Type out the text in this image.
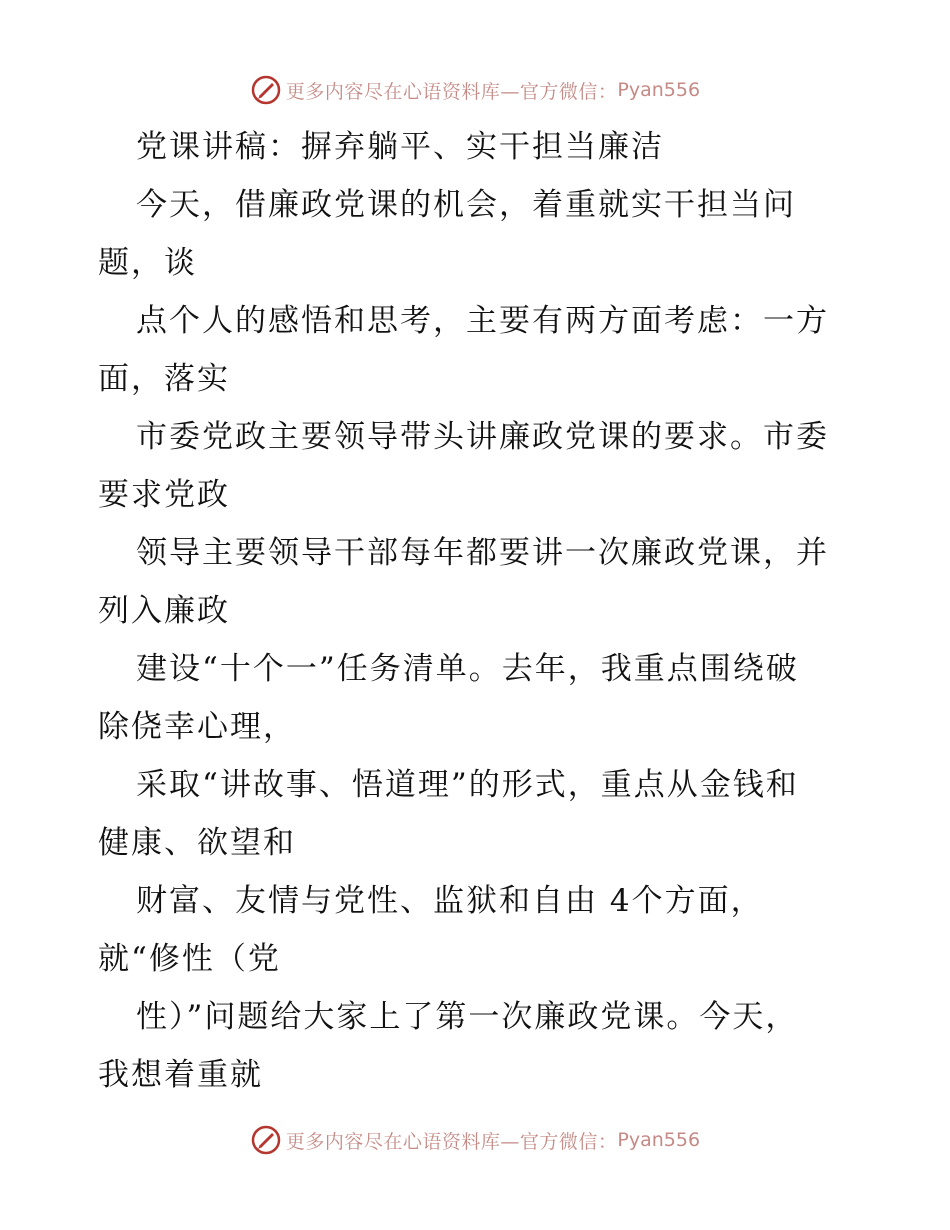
更多内容尽在心语资料库—官方微信： Pyan556
党课讲稿：摒弃躺平、实干担当廉洁
今天，借廉政党课的机会，着重就实干担当问
题，谈
点个人的感悟和思考，主要有两方面考虑：一方
面，落实
市委党政主要领导带头讲廉政党课的要求。市委
要求党政
领导主要领导干部每年都要讲一次廉政党课，并
列入廉政
建设“十个一”任务清单。去年，我重点围绕破
除侥幸心理，
采取“讲故事、悟道理”的形式，重点从金钱和
健康、欲望和
财富、友情与党性、监狱和自由 4个方面，
就“修性（党
性）”问题给大家上了第一次廉政党课。今天，
我想着重就
更多内容尽在心语资料库—官方微信： Pyan556
